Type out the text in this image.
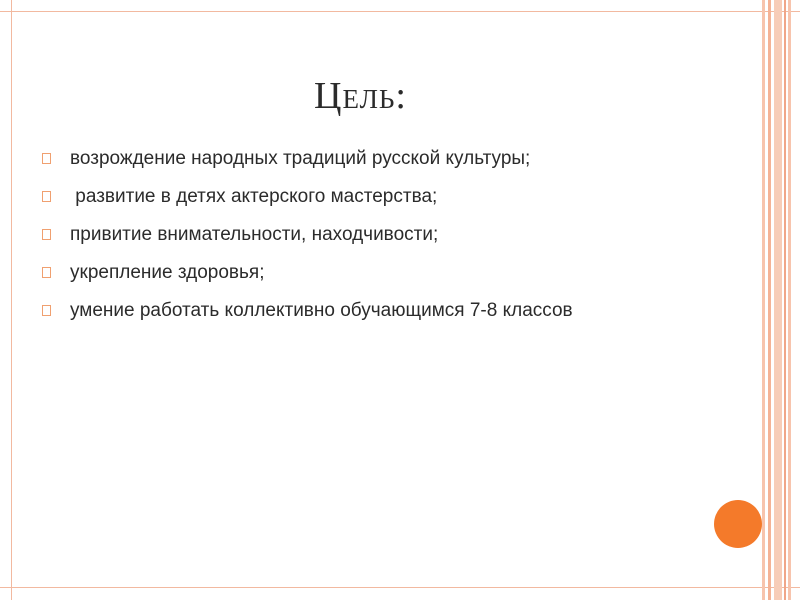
Цель:
возрождение народных традиций русской культуры;
развитие в детях актерского мастерства;
привитие внимательности, находчивости;
укрепление здоровья;
умение работать коллективно обучающимся 7-8 классов
